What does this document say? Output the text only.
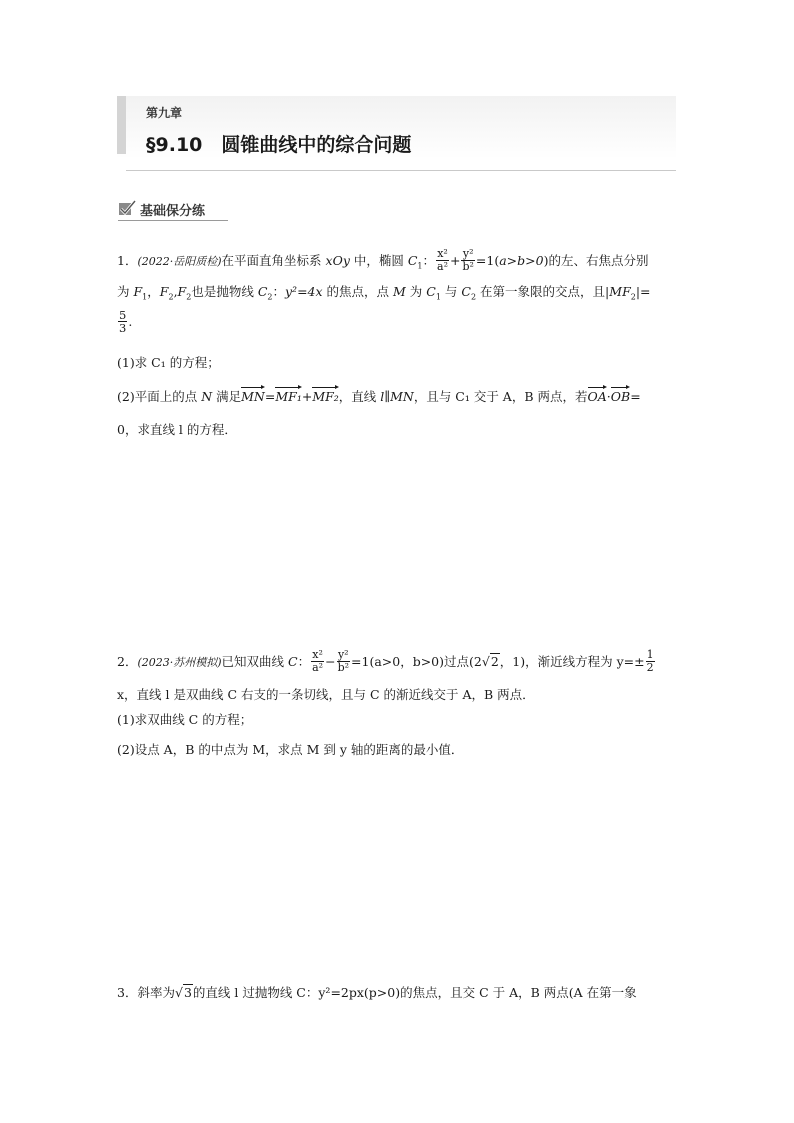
第九章
§9.10　圆锥曲线中的综合问题
基础保分练
1．(2022·岳阳质检)在平面直角坐标系 xOy 中，椭圆 $C_1$： $\frac{\text{x²}}{\text{a²}} + \frac{\text{y²}}{\text{b²}} =1(a>b>0)$的左、右焦点分别
为 $F_1$，$F_2,F_2$也是抛物线 $C_2$：y²=4x 的焦点，点 M 为 $C_1$ 与 $C_2$ 在第一象限的交点，且$|MF_2|=$
$\frac{5}{3}$ .
(1)求 C₁ 的方程；
(2)平面上的点 N 满足MN=MF₁+MF₂，直线 l∥MN，且与 C₁ 交于 A，B 两点，若OA·OB=
0，求直线 l 的方程．
2．(2023·苏州模拟)已知双曲线 C： $\frac{\text{x²}}{\text{a²}} - \frac{\text{y²}}{\text{b²}} =1(a>0$，b>0)过点(2√2，1)，渐近线方程为 $y=\pm \frac{1}{2}$
x，直线 l 是双曲线 C 右支的一条切线，且与 C 的渐近线交于 A，B 两点．
(1)求双曲线 C 的方程；
(2)设点 A，B 的中点为 M，求点 M 到 y 轴的距离的最小值．
3．斜率为√3的直线 l 过抛物线 C：y²=2px(p>0)的焦点，且交 C 于 A，B 两点(A 在第一象
